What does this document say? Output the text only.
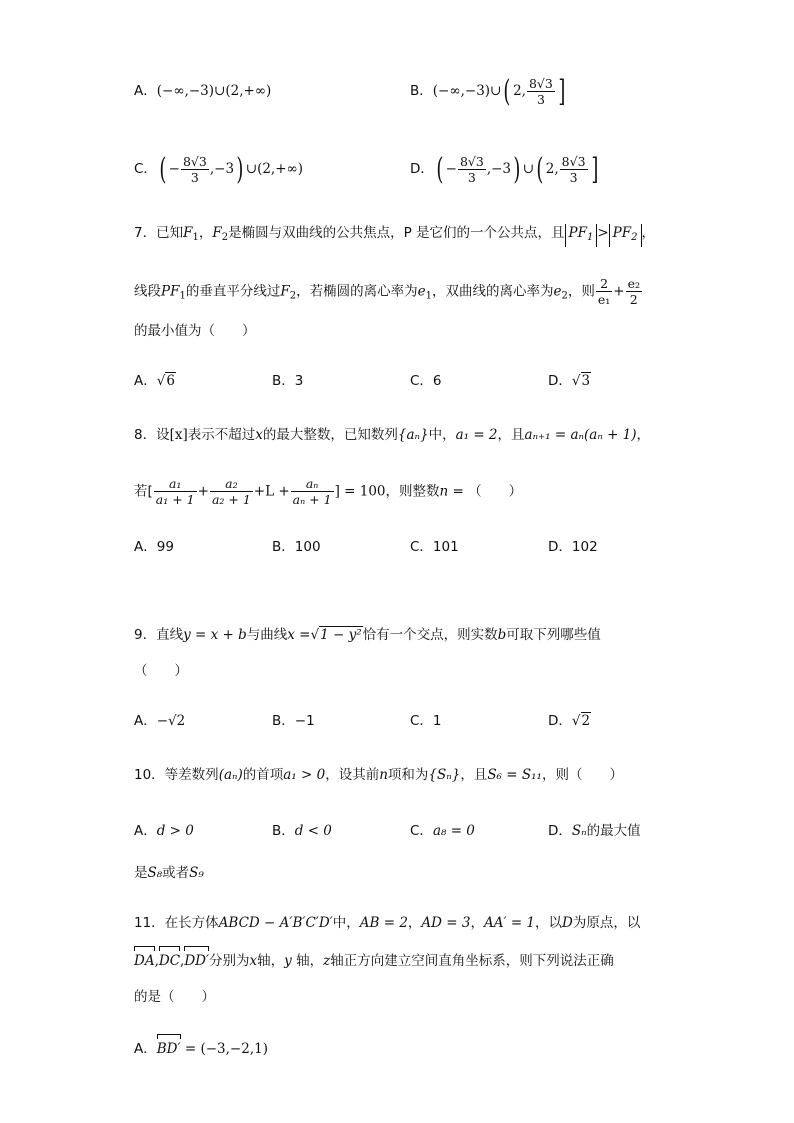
A．(−∞,−3)∪(2,+∞)	B．(−∞,−3)∪( 2, $\frac{8√3}{3}$ ]
C．( − $\frac{8√3}{3} ,-3$) ∪(2,+∞)	D．( − $\frac{8√3}{3} ,-3$) ∪( 2, $\frac{8√3}{3}$ ]
7．已知$F_1$，$F_2$是椭圆与双曲线的公共焦点，P 是它们的一个公共点，且 $PF_1 > PF_2$ ，
线段$PF_1$的垂直平分线过$F_2$，若椭圆的离心率为$e_1$，双曲线的离心率为$e_2$，则 $\frac{2}{\text{e₁}} + \frac{\text{e₂}}{2}$
的最小值为（　　）
A．√6	B．3	C．6	D．√3
8．设[x]表示不超过x的最大整数，已知数列{aₙ}中，a₁ = 2，且aₙ₊₁ = aₙ(aₙ + 1)，
若[ $\frac{\text{a₁}}{\text{a₁ + 1}} + \frac{\text{a₂}}{\text{a₂ + 1}} +L + \frac{\text{aₙ}}{\text{aₙ + 1}}$ ] = 100，则整数n = （　　）
A．99	B．100	C．101	D．102
9．直线y = x + b与曲线x =√1 − y²恰有一个交点，则实数b可取下列哪些值
（　　）
A．−√2	B．−1	C．1	D．√2
10．等差数列(aₙ)的首项a₁ > 0，设其前n项和为{Sₙ}，且S₆ = S₁₁，则（　　）
A．d > 0	B．d < 0	C．a₈ = 0	D．Sₙ的最大值
是S₈或者S₉
11．在长方体ABCD − A′B′C′D′中，AB = 2，AD = 3，AA′ = 1，以D为原点，以
DA,DC,DD′分别为x轴，y 轴，z轴正方向建立空间直角坐标系，则下列说法正确
的是（　　）
A．BD′ = (−3,−2,1)
